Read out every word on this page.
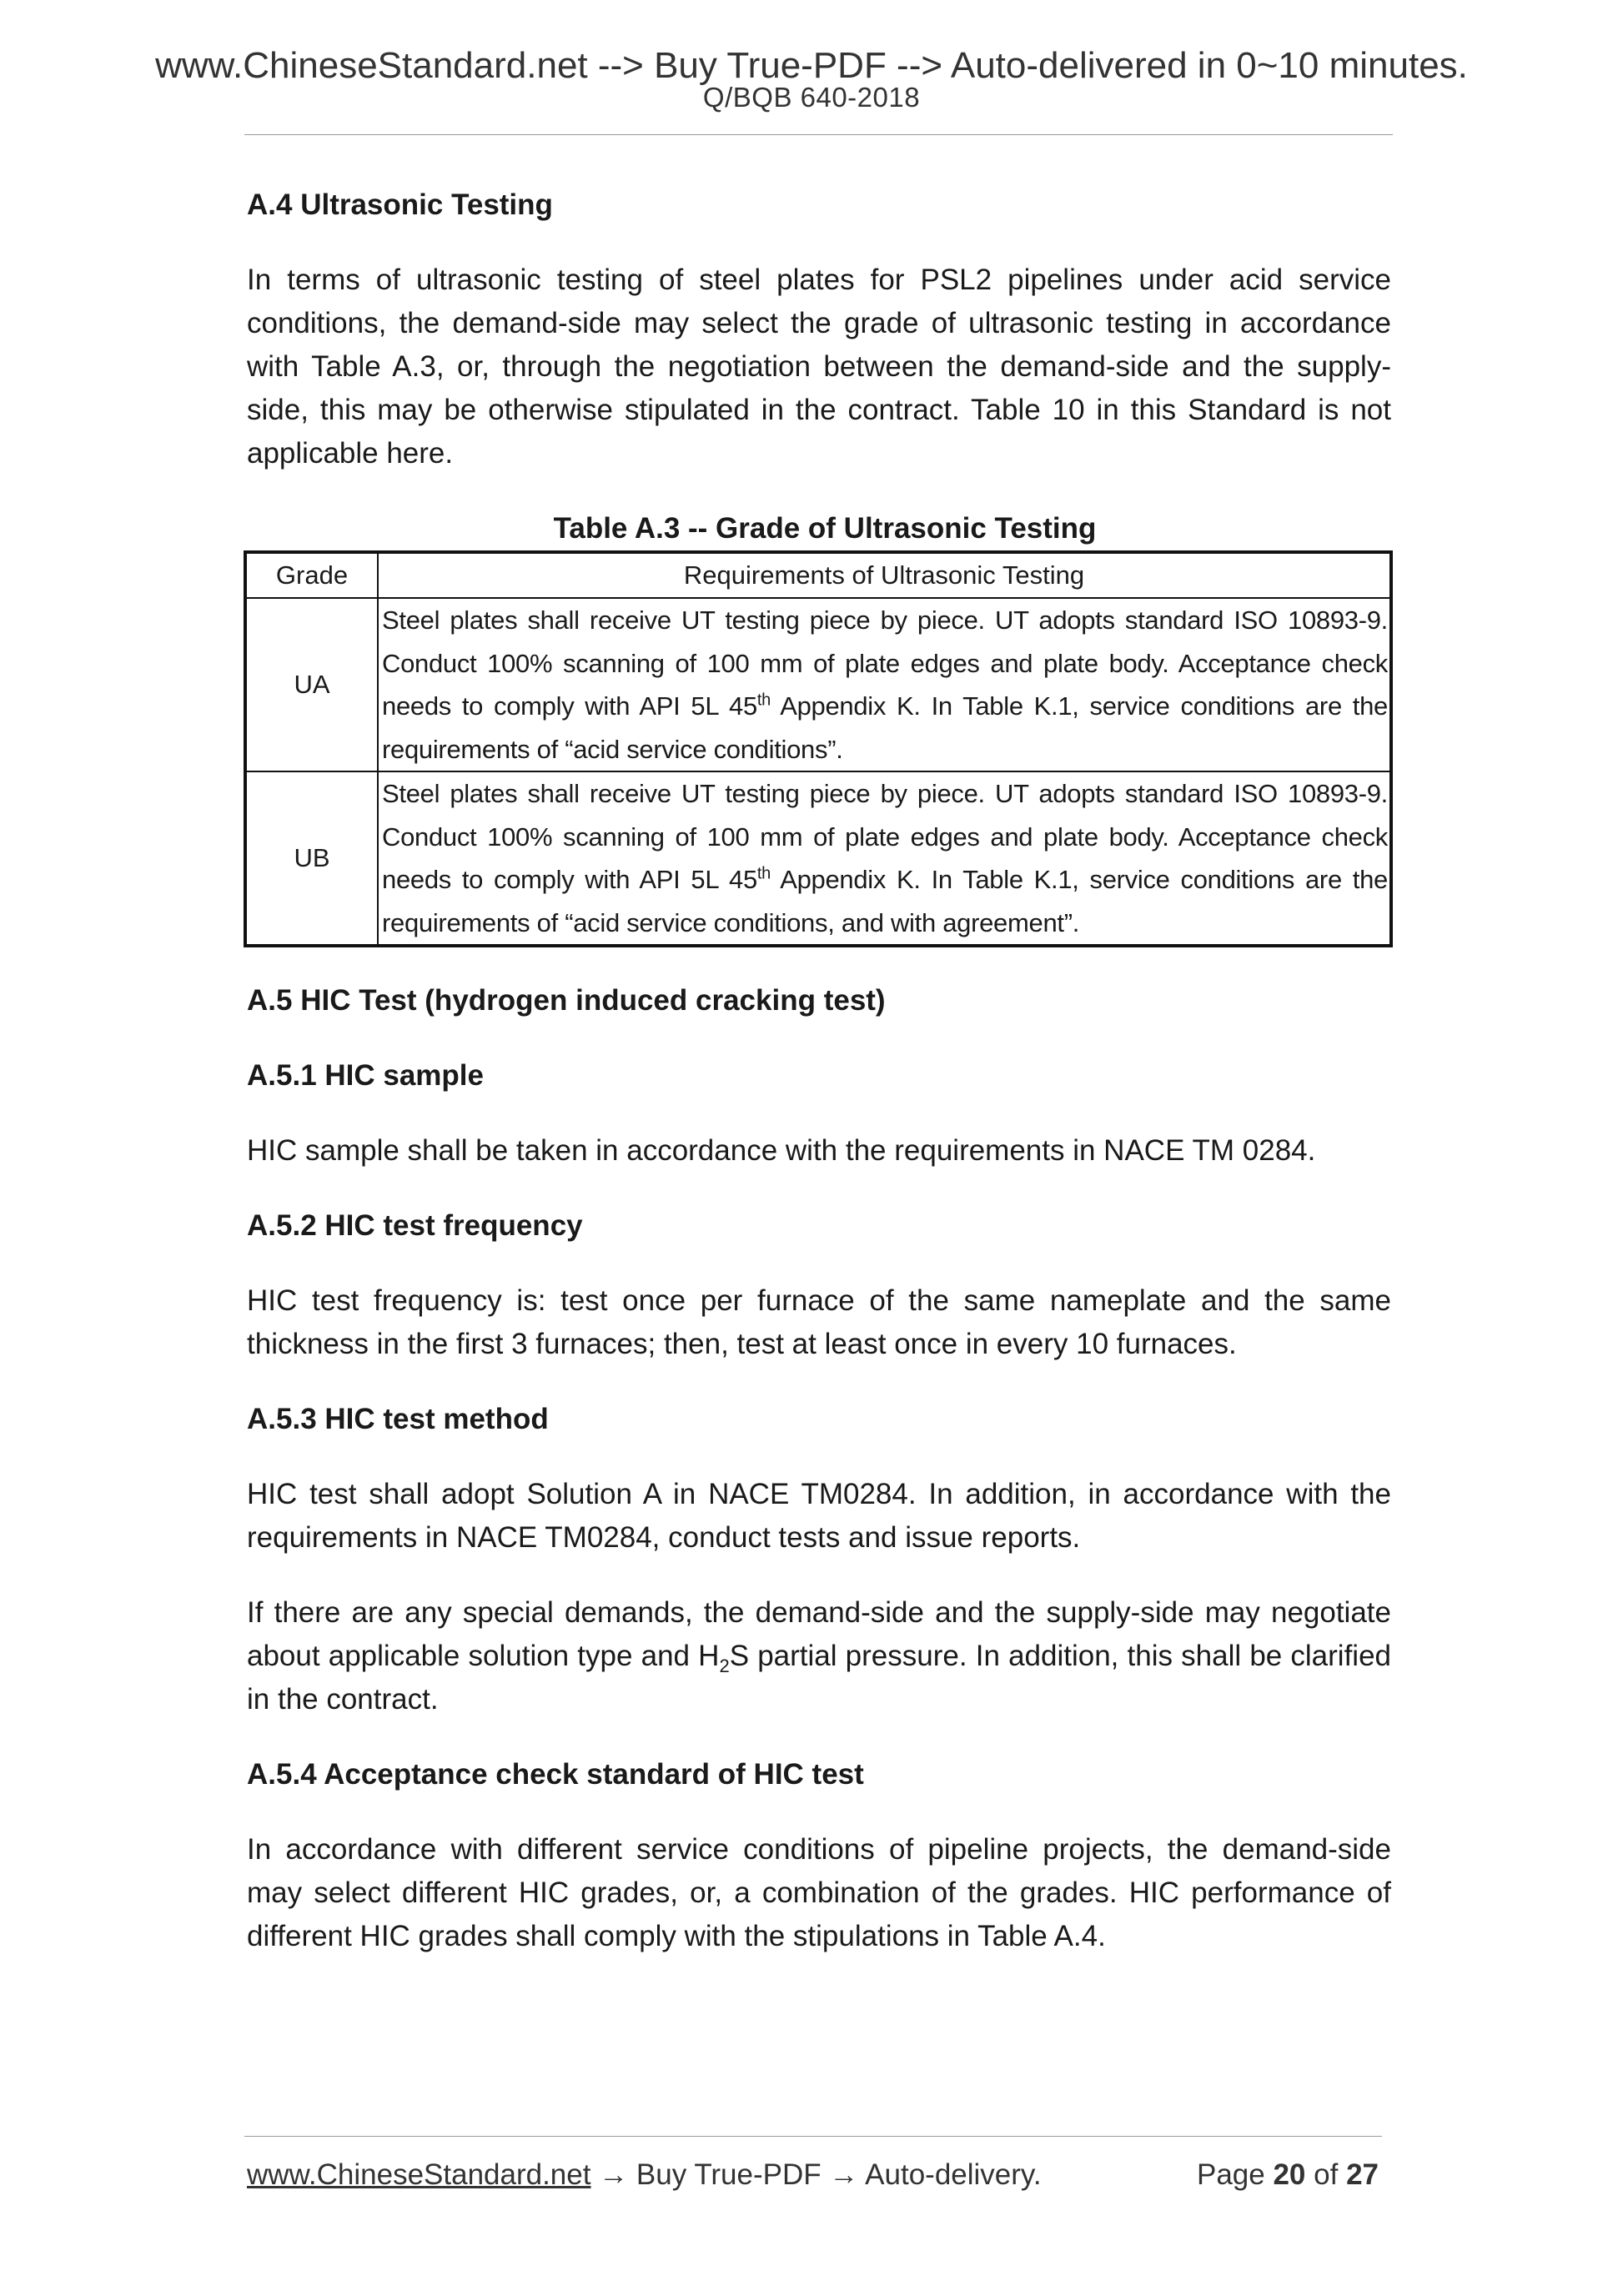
www.ChineseStandard.net --> Buy True-PDF --> Auto-delivered in 0~10 minutes.
Q/BQB 640-2018
A.4 Ultrasonic Testing

In terms of ultrasonic testing of steel plates for PSL2 pipelines under acid service conditions, the demand-side may select the grade of ultrasonic testing in accordance with Table A.3, or, through the negotiation between the demand-side and the supply-side, this may be otherwise stipulated in the contract. Table 10 in this Standard is not applicable here.

Table A.3 -- Grade of Ultrasonic Testing
Grade	Requirements of Ultrasonic Testing
UA	Steel plates shall receive UT testing piece by piece. UT adopts standard ISO 10893-9. Conduct 100% scanning of 100 mm of plate edges and plate body. Acceptance check needs to comply with API 5L 45th Appendix K. In Table K.1, service conditions are the requirements of “acid service conditions”.
UB	Steel plates shall receive UT testing piece by piece. UT adopts standard ISO 10893-9. Conduct 100% scanning of 100 mm of plate edges and plate body. Acceptance check needs to comply with API 5L 45th Appendix K. In Table K.1, service conditions are the requirements of “acid service conditions, and with agreement”.
A.5 HIC Test (hydrogen induced cracking test)
A.5.1 HIC sample

HIC sample shall be taken in accordance with the requirements in NACE TM 0284.

A.5.2 HIC test frequency

HIC test frequency is: test once per furnace of the same nameplate and the same thickness in the first 3 furnaces; then, test at least once in every 10 furnaces.

A.5.3 HIC test method

HIC test shall adopt Solution A in NACE TM0284. In addition, in accordance with the requirements in NACE TM0284, conduct tests and issue reports.

If there are any special demands, the demand-side and the supply-side may negotiate about applicable solution type and $H_2S$ partial pressure. In addition, this shall be clarified in the contract.

A.5.4 Acceptance check standard of HIC test

In accordance with different service conditions of pipeline projects, the demand-side may select different HIC grades, or, a combination of the grades. HIC performance of different HIC grades shall comply with the stipulations in Table A.4.

www.ChineseStandard.net → Buy True-PDF → Auto-delivery.	Page 20 of 27
